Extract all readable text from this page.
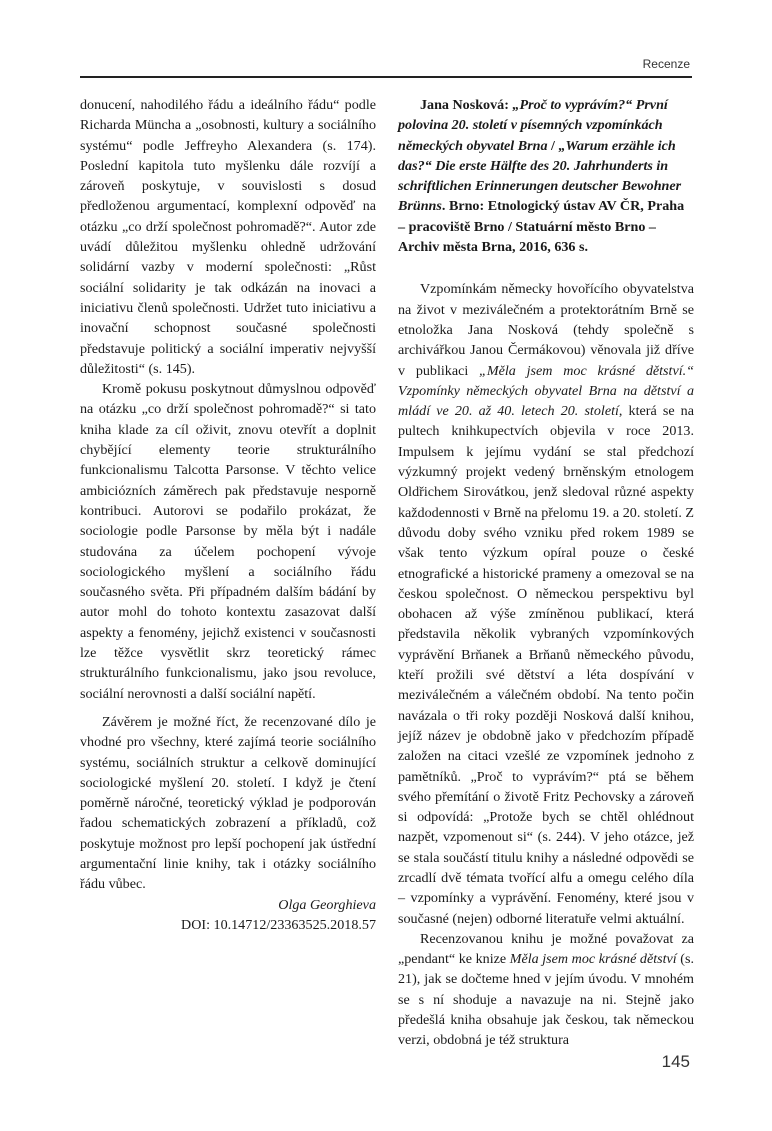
Recenze

donucení, nahodilého řádu a ideálního řádu“ podle Richarda Müncha a „osobnosti, kultury a sociálního systému“ podle Jeffreyho Alexandera (s. 174). Poslední kapitola tuto myšlenku dále rozvíjí a zároveň poskytuje, v souvislosti s dosud předloženou argumentací, komplexní odpověď na otázku „co drží společnost pohromadě?“. Autor zde uvádí důležitou myšlenku ohledně udržování solidární vazby v moderní společnosti: „Růst sociální solidarity je tak odkázán na inovaci a iniciativu členů společnosti. Udržet tuto iniciativu a inovační schopnost současné společnosti představuje politický a sociální imperativ nejvyšší důležitosti“ (s. 145).

Kromě pokusu poskytnout důmyslnou odpověď na otázku „co drží společnost pohromadě?“ si tato kniha klade za cíl oživit, znovu otevřít a doplnit chybějící elementy teorie strukturálního funkcionalismu Talcotta Parsonse. V těchto velice ambiciózních záměrech pak představuje nesporně kontribuci. Autorovi se podařilo prokázat, že sociologie podle Parsonse by měla být i nadále studována za účelem pochopení vývoje sociologického myšlení a sociálního řádu současného světa. Při případném dalším bádání by autor mohl do tohoto kontextu zasazovat další aspekty a fenomény, jejichž existenci v současnosti lze těžce vysvětlit skrz teoretický rámec strukturálního funkcionalismu, jako jsou revoluce, sociální nerovnosti a další sociální napětí.

Závěrem je možné říct, že recenzované dílo je vhodné pro všechny, které zajímá teorie sociálního systému, sociálních struktur a celkově dominující sociologické myšlení 20. století. I když je čtení poměrně náročné, teoretický výklad je podporován řadou schematických zobrazení a příkladů, což poskytuje možnost pro lepší pochopení jak ústřední argumentační linie knihy, tak i otázky sociálního řádu vůbec.

Olga Georghieva
DOI: 10.14712/23363525.2018.57

Jana Nosková: „Proč to vyprávím?“ První polovina 20. století v písemných vzpomínkách německých obyvatel Brna / „Warum erzähle ich das?“ Die erste Hälfte des 20. Jahrhunderts in schriftlichen Erinnerungen deutscher Bewohner Brünns. Brno: Etnologický ústav AV ČR, Praha – pracoviště Brno / Statuární město Brno – Archiv města Brna, 2016, 636 s.

Vzpomínkám německy hovořícího obyvatelstva na život v meziválečném a protektorátním Brně se etnoložka Jana Nosková (tehdy společně s archivářkou Janou Čermákovou) věnovala již dříve v publikaci „Měla jsem moc krásné dětství.“ Vzpomínky německých obyvatel Brna na dětství a mládí ve 20. až 40. letech 20. století, která se na pultech knihkupectvích objevila v roce 2013. Impulsem k jejímu vydání se stal předchozí výzkumný projekt vedený brněnským etnologem Oldřichem Sirovátkou, jenž sledoval různé aspekty každodennosti v Brně na přelomu 19. a 20. století. Z důvodu doby svého vzniku před rokem 1989 se však tento výzkum opíral pouze o české etnografické a historické prameny a omezoval se na českou společnost. O německou perspektivu byl obohacen až výše zmíněnou publikací, která představila několik vybraných vzpomínkových vyprávění Brňanek a Brňanů německého původu, kteří prožili své dětství a léta dospívání v meziválečném a válečném období. Na tento počin navázala o tři roky později Nosková další knihou, jejíž název je obdobně jako v předchozím případě založen na citaci vzešlé ze vzpomínek jednoho z pamětníků. „Proč to vyprávím?“ ptá se během svého přemítání o životě Fritz Pechovsky a zároveň si odpovídá: „Protože bych se chtěl ohlédnout nazpět, vzpomenout si“ (s. 244). V jeho otázce, jež se stala součástí titulu knihy a následné odpovědi se zrcadlí dvě témata tvořící alfu a omegu celého díla – vzpomínky a vyprávění. Fenomény, které jsou v současné (nejen) odborné literatuře velmi aktuální.

Recenzovanou knihu je možné považovat za „pendant“ ke knize Měla jsem moc krásné dětství (s. 21), jak se dočteme hned v jejím úvodu. V mnohém se s ní shoduje a navazuje na ni. Stejně jako předešlá kniha obsahuje jak českou, tak německou verzi, obdobná je též struktura

145
